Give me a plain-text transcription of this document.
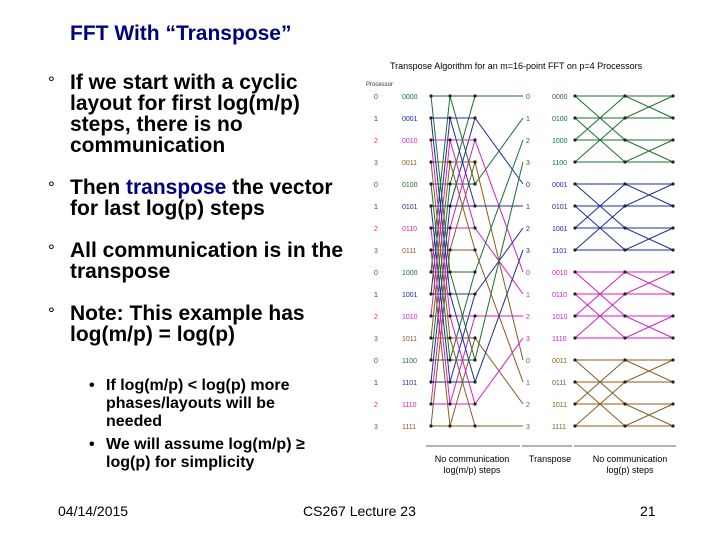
FFT With “Transpose”
° If we start with a cyclic layout for first log(m/p) steps, there is no communication
° Then transpose the vector for last log(p) steps
° All communication is in the transpose
° Note: This example has log(m/p) = log(p)
• If log(m/p) < log(p) more phases/layouts will be needed
• We will assume log(m/p) ≥ log(p) for simplicity
Processor
0	0000	0	0000
1	0001	1	0100
2	0010	2	1000
3	0011	3	1100
0	0100	0	0001
1	0101	1	0101
2	0110	2	1001
3	0111	3	1101
0	1000	0	0010
1	1001	1	0110
2	1010	2	1010
3	1011	3	1110
0	1100	0	0011
1	1101	1	0111
2	1110	2	1011
3	1111	3	1111
Transpose Algorithm for an m=16-point FFT on p=4 Processors
No communication log(m/p) steps
Transpose	No communication log(p) steps
04/14/2015	CS267 Lecture 23	21
